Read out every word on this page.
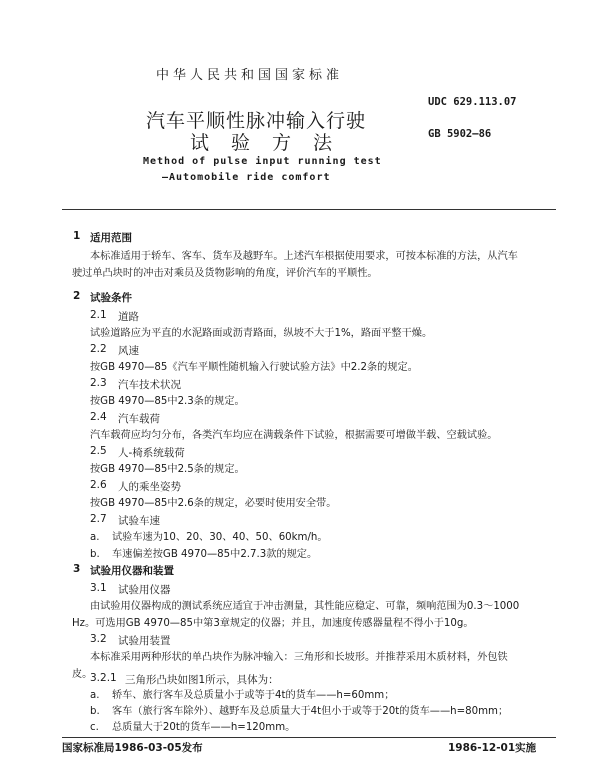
中华人民共和国国家标准
UDC 629.113.07
GB 5902—86
汽车平顺性脉冲输入行驶
试验方法
Method of pulse input running test
—Automobile ride comfort
1 适用范围
本标准适用于轿车、客车、货车及越野车。上述汽车根据使用要求，可按本标准的方法，从汽车
驶过单凸块时的冲击对乘员及货物影响的角度，评价汽车的平顺性。
2 试验条件
2.1 道路
试验道路应为平直的水泥路面或沥青路面，纵坡不大于1%，路面平整干燥。
2.2 风速
按GB 4970—85《汽车平顺性随机输入行驶试验方法》中2.2条的规定。
2.3 汽车技术状况
按GB 4970—85中2.3条的规定。
2.4 汽车载荷
汽车载荷应均匀分布，各类汽车均应在满载条件下试验，根据需要可增做半载、空载试验。
2.5 人-椅系统载荷
按GB 4970—85中2.5条的规定。
2.6 人的乘坐姿势
按GB 4970—85中2.6条的规定，必要时使用安全带。
2.7 试验车速
a. 试验车速为10、20、30、40、50、60km/h。
b. 车速偏差按GB 4970—85中2.7.3款的规定。
3 试验用仪器和装置
3.1 试验用仪器
由试验用仪器构成的测试系统应适宜于冲击测量，其性能应稳定、可靠，频响范围为0.3～1000
Hz。可选用GB 4970—85中第3章规定的仪器；并且，加速度传感器量程不得小于10g。
3.2 试验用装置
本标准采用两种形状的单凸块作为脉冲输入：三角形和长坡形。并推荐采用木质材料，外包铁
皮。
3.2.1 三角形凸块如图1所示，具体为：
a. 轿车、旅行客车及总质量小于或等于4t的货车——h=60mm；
b. 客车（旅行客车除外）、越野车及总质量大于4t但小于或等于20t的货车——h=80mm；
c. 总质量大于20t的货车——h=120mm。
国家标准局1986-03-05发布	1986-12-01实施
